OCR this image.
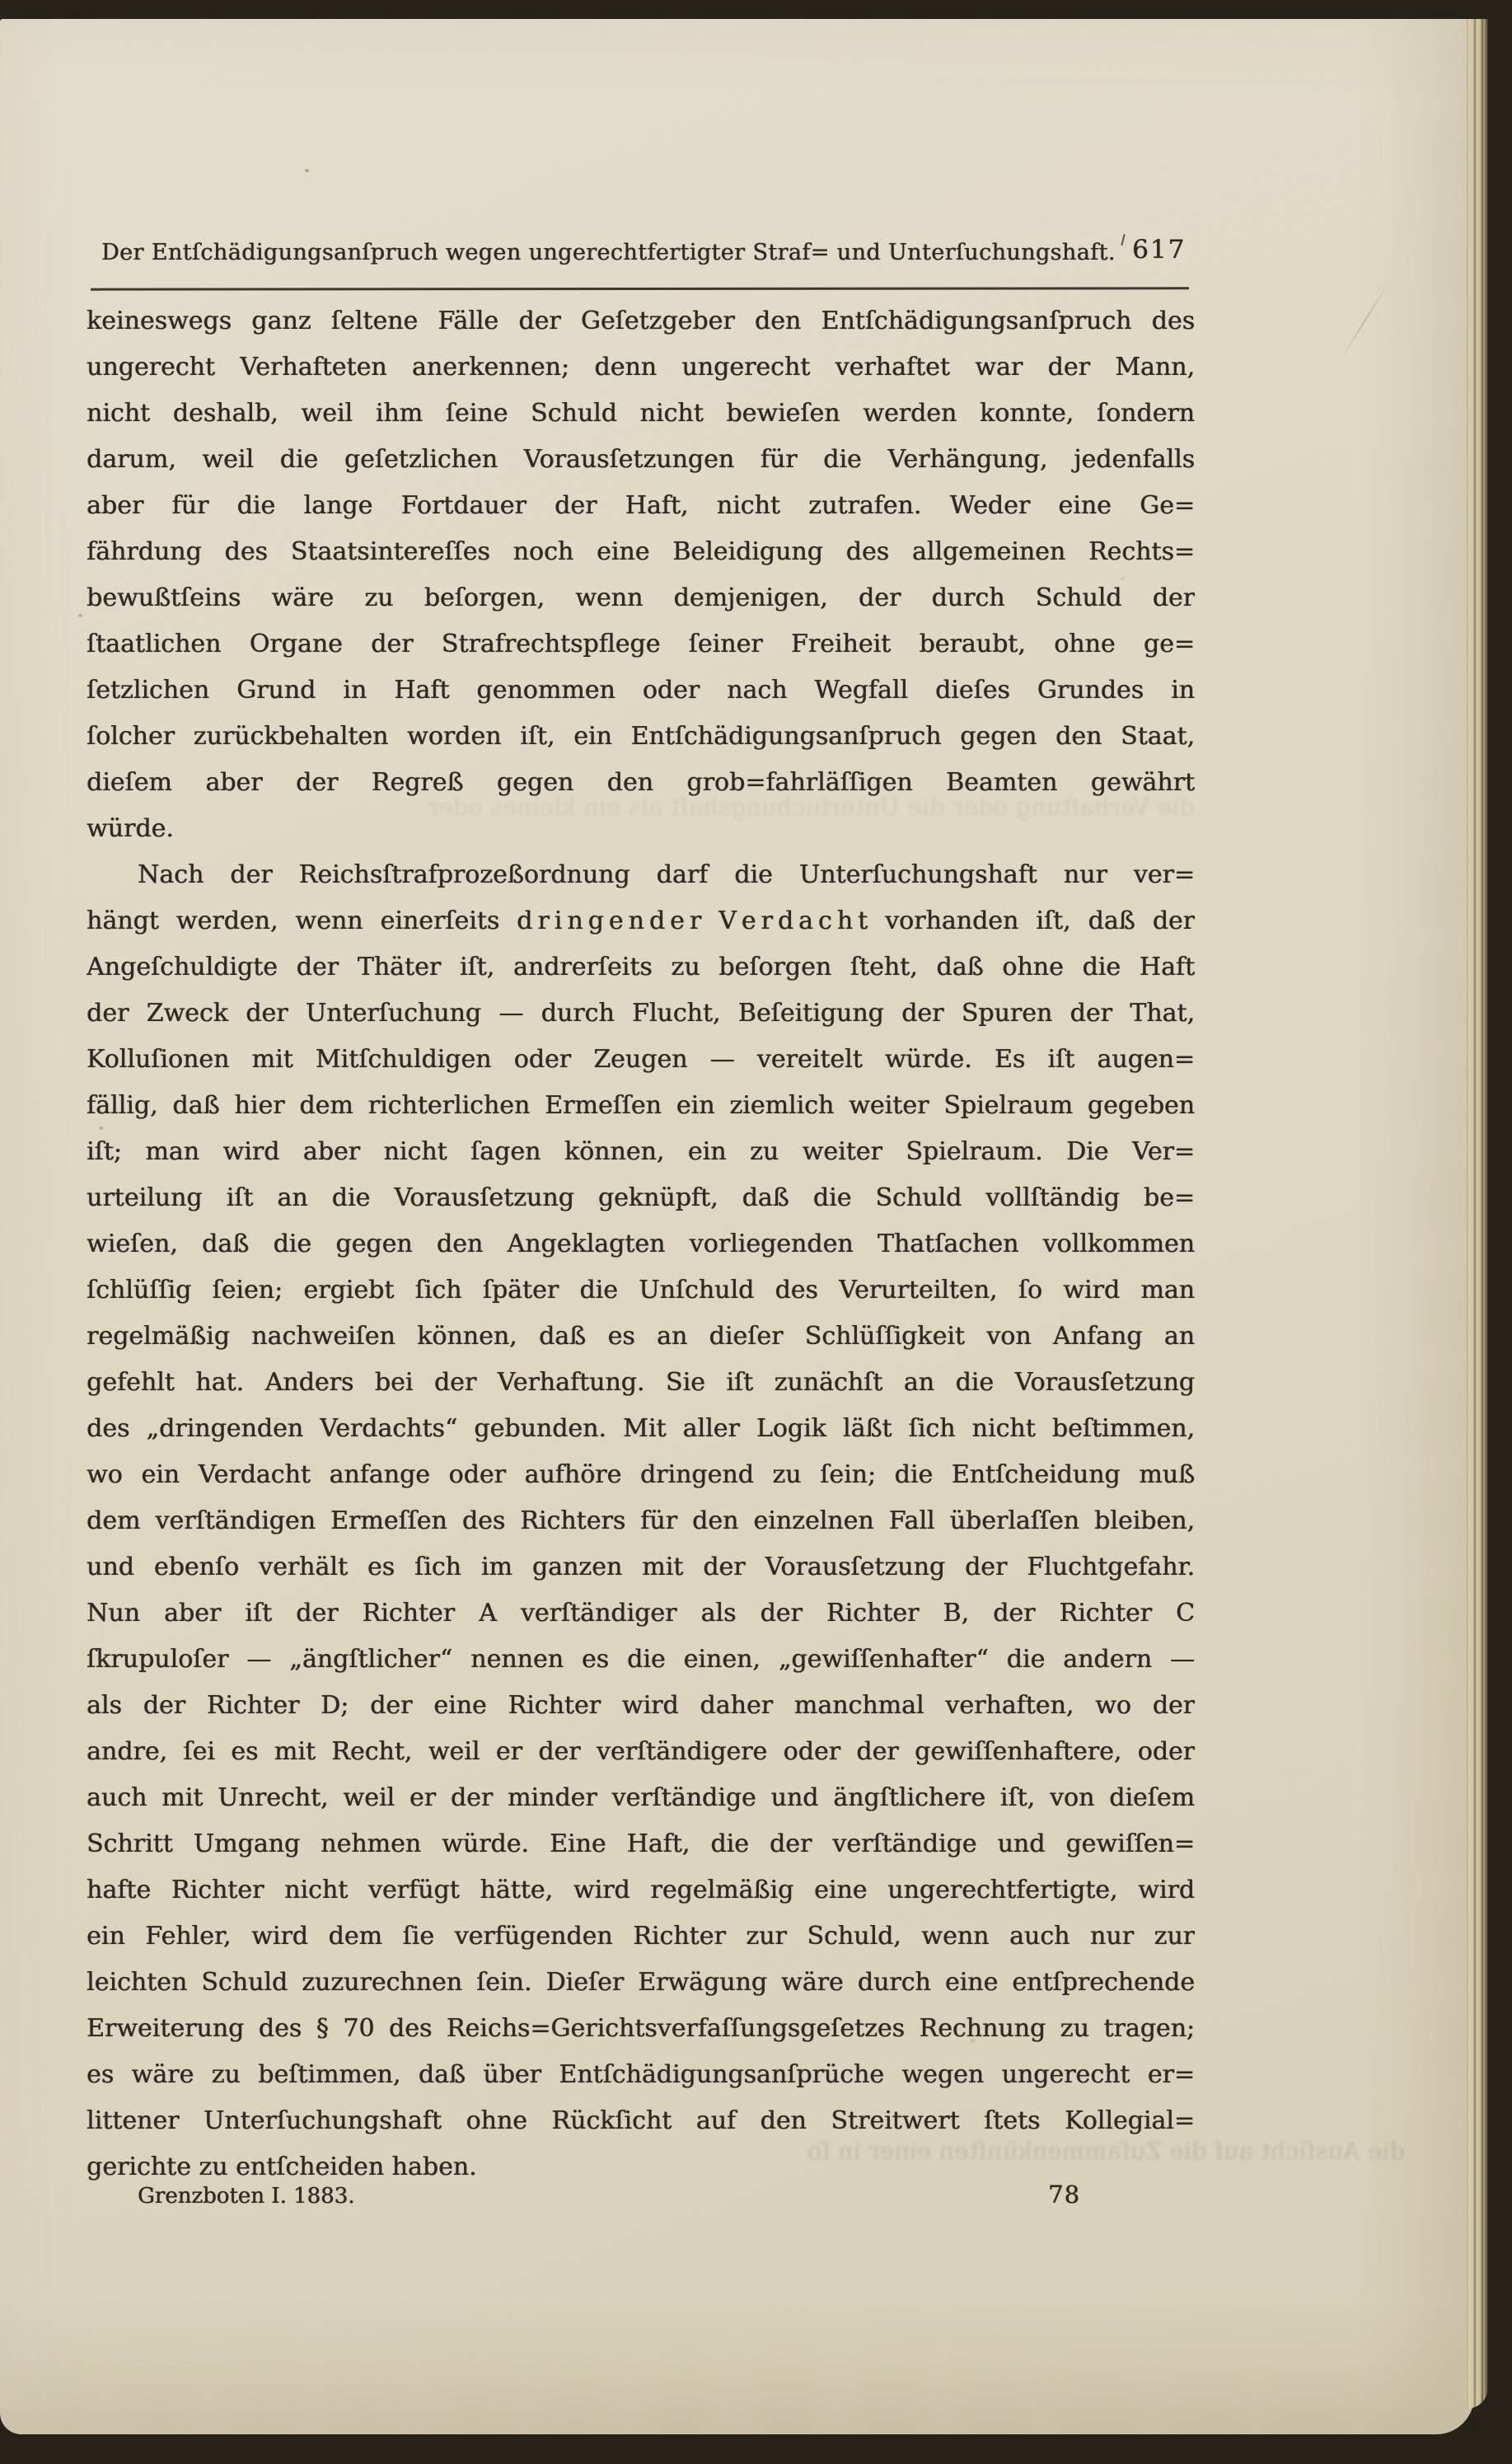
Der Entſchädigungsanſpruch wegen ungerechtfertigter Straf= und Unterſuchungshaft. 617
keineswegs ganz ſeltene Fälle der Geſetzgeber den Entſchädigungsanſpruch des
ungerecht Verhafteten anerkennen; denn ungerecht verhaftet war der Mann,
nicht deshalb, weil ihm ſeine Schuld nicht bewieſen werden konnte, ſondern
darum, weil die geſetzlichen Vorausſetzungen für die Verhängung, jedenfalls
aber für die lange Fortdauer der Haft, nicht zutrafen. Weder eine Ge=
fährdung des Staatsintereſſes noch eine Beleidigung des allgemeinen Rechts=
bewußtſeins wäre zu beſorgen, wenn demjenigen, der durch Schuld der
ſtaatlichen Organe der Strafrechtspflege ſeiner Freiheit beraubt, ohne ge=
ſetzlichen Grund in Haft genommen oder nach Wegfall dieſes Grundes in
ſolcher zurückbehalten worden iſt, ein Entſchädigungsanſpruch gegen den Staat,
dieſem aber der Regreß gegen den grob=fahrläſſigen Beamten gewährt
würde.
Nach der Reichsſtrafprozeßordnung darf die Unterſuchungshaft nur ver=
hängt werden, wenn einerſeits d r i n g e n d e r V e r d a c h t vorhanden iſt, daß der
Angeſchuldigte der Thäter iſt, andrerſeits zu beſorgen ſteht, daß ohne die Haft
der Zweck der Unterſuchung — durch Flucht, Beſeitigung der Spuren der That,
Kolluſionen mit Mitſchuldigen oder Zeugen — vereitelt würde. Es iſt augen=
fällig, daß hier dem richterlichen Ermeſſen ein ziemlich weiter Spielraum gegeben
iſt; man wird aber nicht ſagen können, ein zu weiter Spielraum. Die Ver=
urteilung iſt an die Vorausſetzung geknüpft, daß die Schuld vollſtändig be=
wieſen, daß die gegen den Angeklagten vorliegenden Thatſachen vollkommen
ſchlüſſig ſeien; ergiebt ſich ſpäter die Unſchuld des Verurteilten, ſo wird man
regelmäßig nachweiſen können, daß es an dieſer Schlüſſigkeit von Anfang an
gefehlt hat. Anders bei der Verhaftung. Sie iſt zunächſt an die Vorausſetzung
des „dringenden Verdachts“ gebunden. Mit aller Logik läßt ſich nicht beſtimmen,
wo ein Verdacht anfange oder aufhöre dringend zu ſein; die Entſcheidung muß
dem verſtändigen Ermeſſen des Richters für den einzelnen Fall überlaſſen bleiben,
und ebenſo verhält es ſich im ganzen mit der Vorausſetzung der Fluchtgefahr.
Nun aber iſt der Richter A verſtändiger als der Richter B, der Richter C
ſkrupuloſer — „ängſtlicher“ nennen es die einen, „gewiſſenhafter“ die andern —
als der Richter D; der eine Richter wird daher manchmal verhaften, wo der
andre, ſei es mit Recht, weil er der verſtändigere oder der gewiſſenhaftere, oder
auch mit Unrecht, weil er der minder verſtändige und ängſtlichere iſt, von dieſem
Schritt Umgang nehmen würde. Eine Haft, die der verſtändige und gewiſſen=
hafte Richter nicht verfügt hätte, wird regelmäßig eine ungerechtfertigte, wird
ein Fehler, wird dem ſie verfügenden Richter zur Schuld, wenn auch nur zur
leichten Schuld zuzurechnen ſein. Dieſer Erwägung wäre durch eine entſprechende
Erweiterung des § 70 des Reichs=Gerichtsverfaſſungsgeſetzes Rechnung zu tragen;
es wäre zu beſtimmen, daß über Entſchädigungsanſprüche wegen ungerecht er=
littener Unterſuchungshaft ohne Rückſicht auf den Streitwert ſtets Kollegial=
gerichte zu entſcheiden haben.
Grenzboten I. 1883.	78
